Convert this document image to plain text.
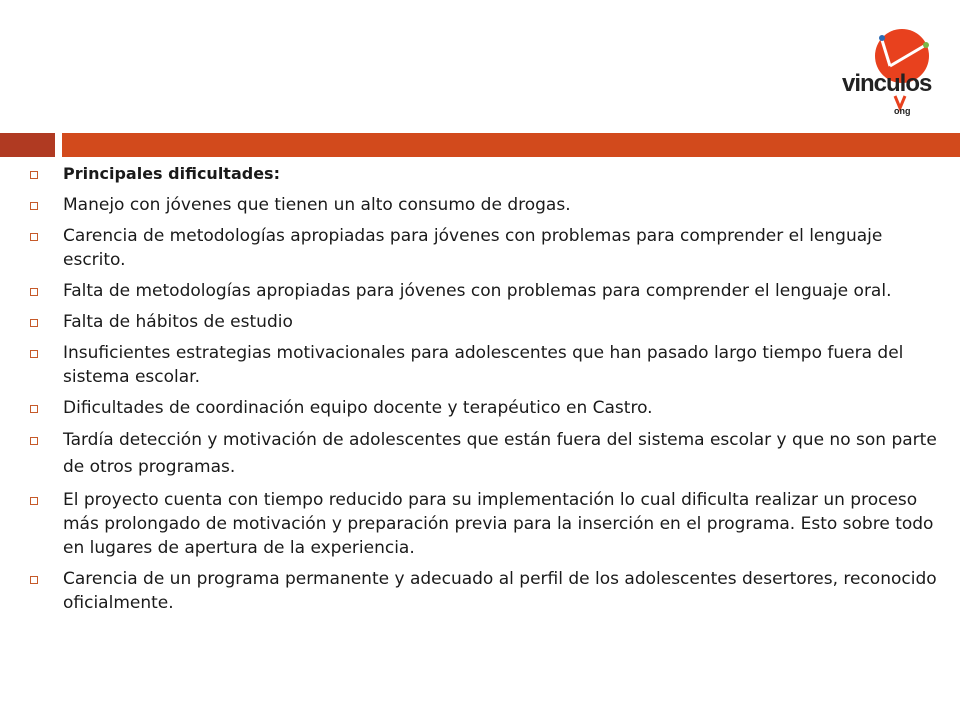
vinculos
ong
Principales dificultades:
Manejo con jóvenes que tienen un alto consumo de drogas.
Carencia de metodologías apropiadas para jóvenes con problemas para comprender el lenguaje escrito.
Falta de metodologías apropiadas para jóvenes con problemas para comprender el lenguaje oral.
Falta de hábitos de estudio
Insuficientes estrategias motivacionales para adolescentes que han pasado largo tiempo fuera del sistema escolar.
Dificultades de coordinación equipo docente y terapéutico en Castro.
Tardía detección y motivación de adolescentes que están fuera del sistema escolar y que no son parte de otros programas.
El proyecto cuenta con tiempo reducido para su implementación lo cual dificulta realizar un proceso más prolongado de motivación y preparación previa para la inserción en el programa. Esto sobre todo en lugares de apertura de la experiencia.
Carencia de un programa permanente y adecuado al perfil de los adolescentes desertores, reconocido oficialmente.
